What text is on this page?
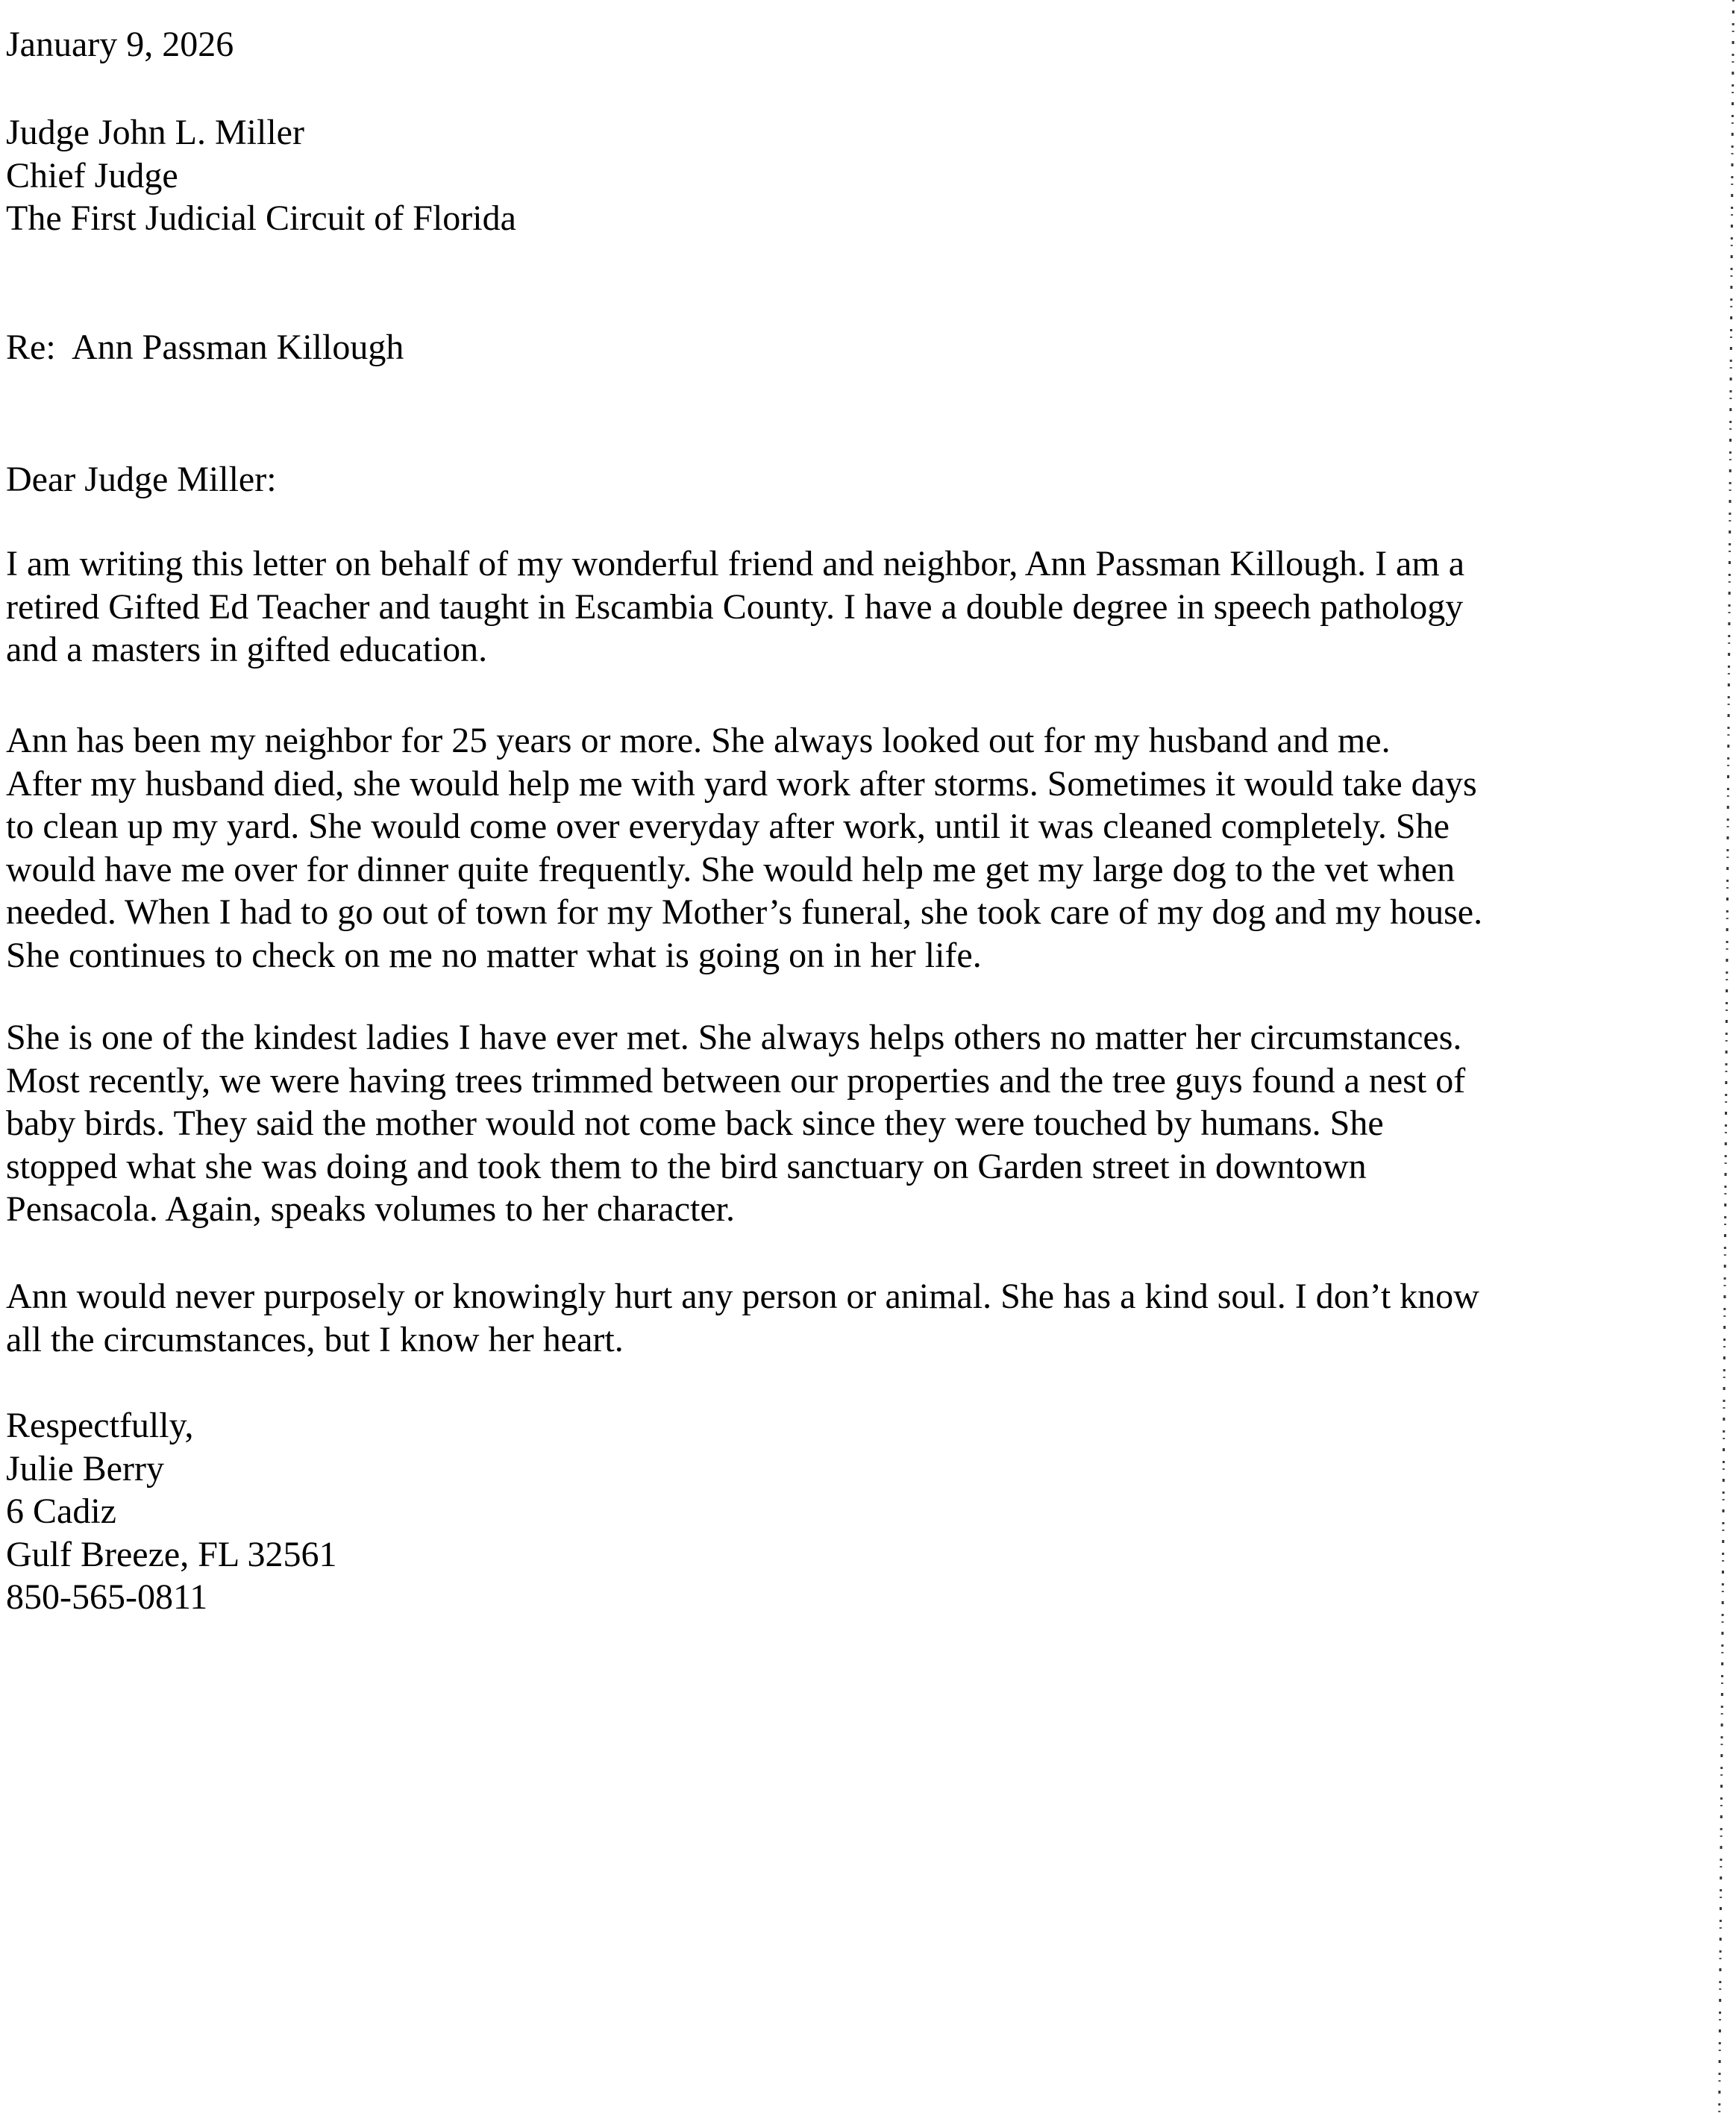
January 9, 2026
Judge John L. Miller
Chief Judge
The First Judicial Circuit of Florida
Re:  Ann Passman Killough
Dear Judge Miller:
I am writing this letter on behalf of my wonderful friend and neighbor, Ann Passman Killough. I am a
retired Gifted Ed Teacher and taught in Escambia County. I have a double degree in speech pathology
and a masters in gifted education.
Ann has been my neighbor for 25 years or more. She always looked out for my husband and me.
After my husband died, she would help me with yard work after storms. Sometimes it would take days
to clean up my yard. She would come over everyday after work, until it was cleaned completely. She
would have me over for dinner quite frequently. She would help me get my large dog to the vet when
needed. When I had to go out of town for my Mother’s funeral, she took care of my dog and my house.
She continues to check on me no matter what is going on in her life.
She is one of the kindest ladies I have ever met. She always helps others no matter her circumstances.
Most recently, we were having trees trimmed between our properties and the tree guys found a nest of
baby birds. They said the mother would not come back since they were touched by humans. She
stopped what she was doing and took them to the bird sanctuary on Garden street in downtown
Pensacola. Again, speaks volumes to her character.
Ann would never purposely or knowingly hurt any person or animal. She has a kind soul. I don’t know
all the circumstances, but I know her heart.
Respectfully,
Julie Berry
6 Cadiz
Gulf Breeze, FL 32561
850-565-0811
